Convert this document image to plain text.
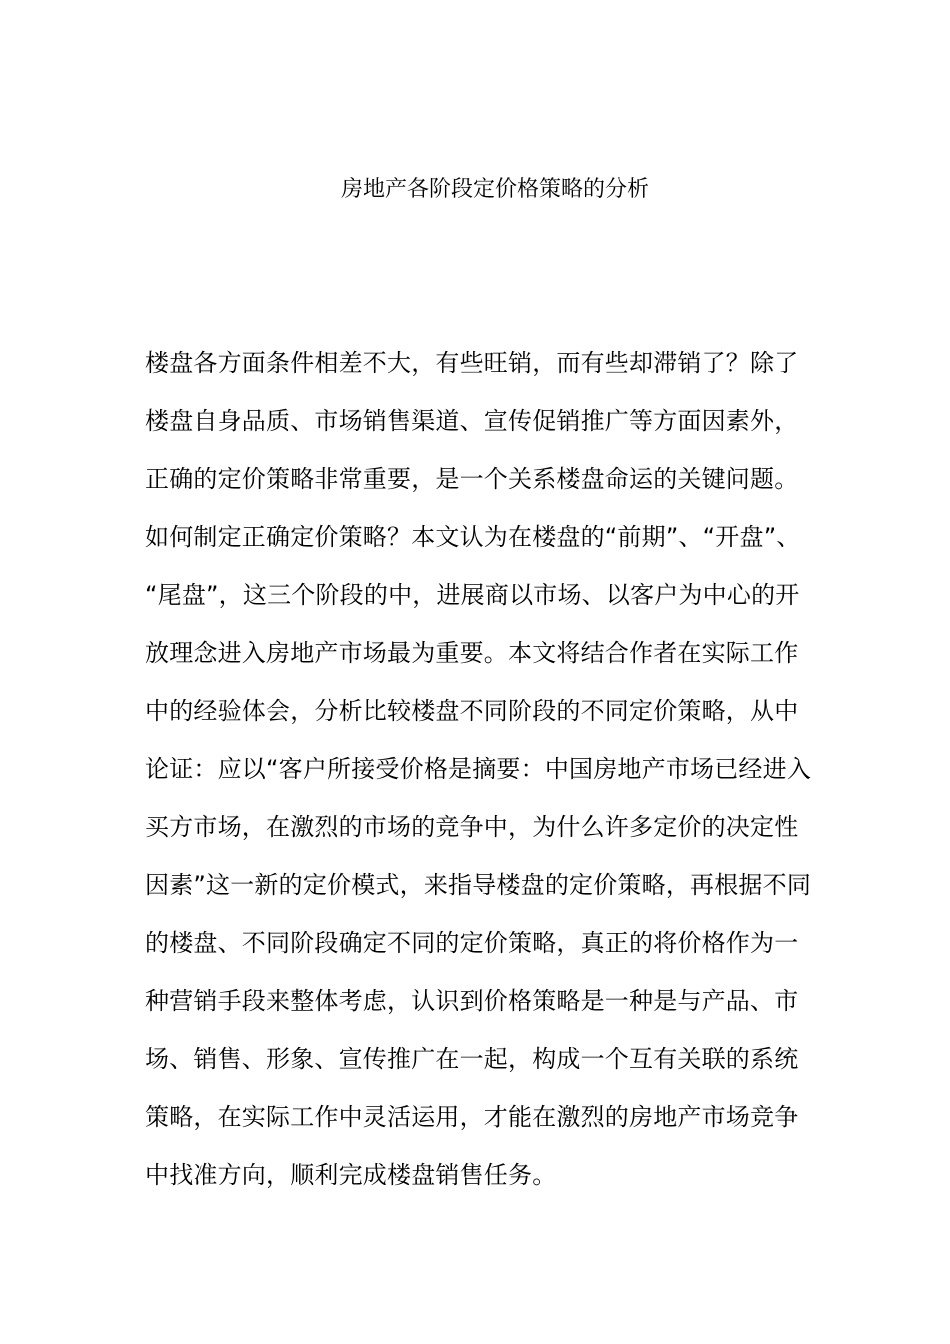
房地产各阶段定价格策略的分析
楼盘各方面条件相差不大，有些旺销，而有些却滞销了？除了
楼盘自身品质、市场销售渠道、宣传促销推广等方面因素外，
正确的定价策略非常重要，是一个关系楼盘命运的关键问题。
如何制定正确定价策略？本文认为在楼盘的“前期”、“开盘”、
“尾盘”，这三个阶段的中，进展商以市场、以客户为中心的开
放理念进入房地产市场最为重要。本文将结合作者在实际工作
中的经验体会，分析比较楼盘不同阶段的不同定价策略，从中
论证：应以“客户所接受价格是摘要：中国房地产市场已经进入
买方市场，在激烈的市场的竞争中，为什么许多定价的决定性
因素”这一新的定价模式，来指导楼盘的定价策略，再根据不同
的楼盘、不同阶段确定不同的定价策略，真正的将价格作为一
种营销手段来整体考虑，认识到价格策略是一种是与产品、市
场、销售、形象、宣传推广在一起，构成一个互有关联的系统
策略，在实际工作中灵活运用，才能在激烈的房地产市场竞争
中找准方向，顺利完成楼盘销售任务。
